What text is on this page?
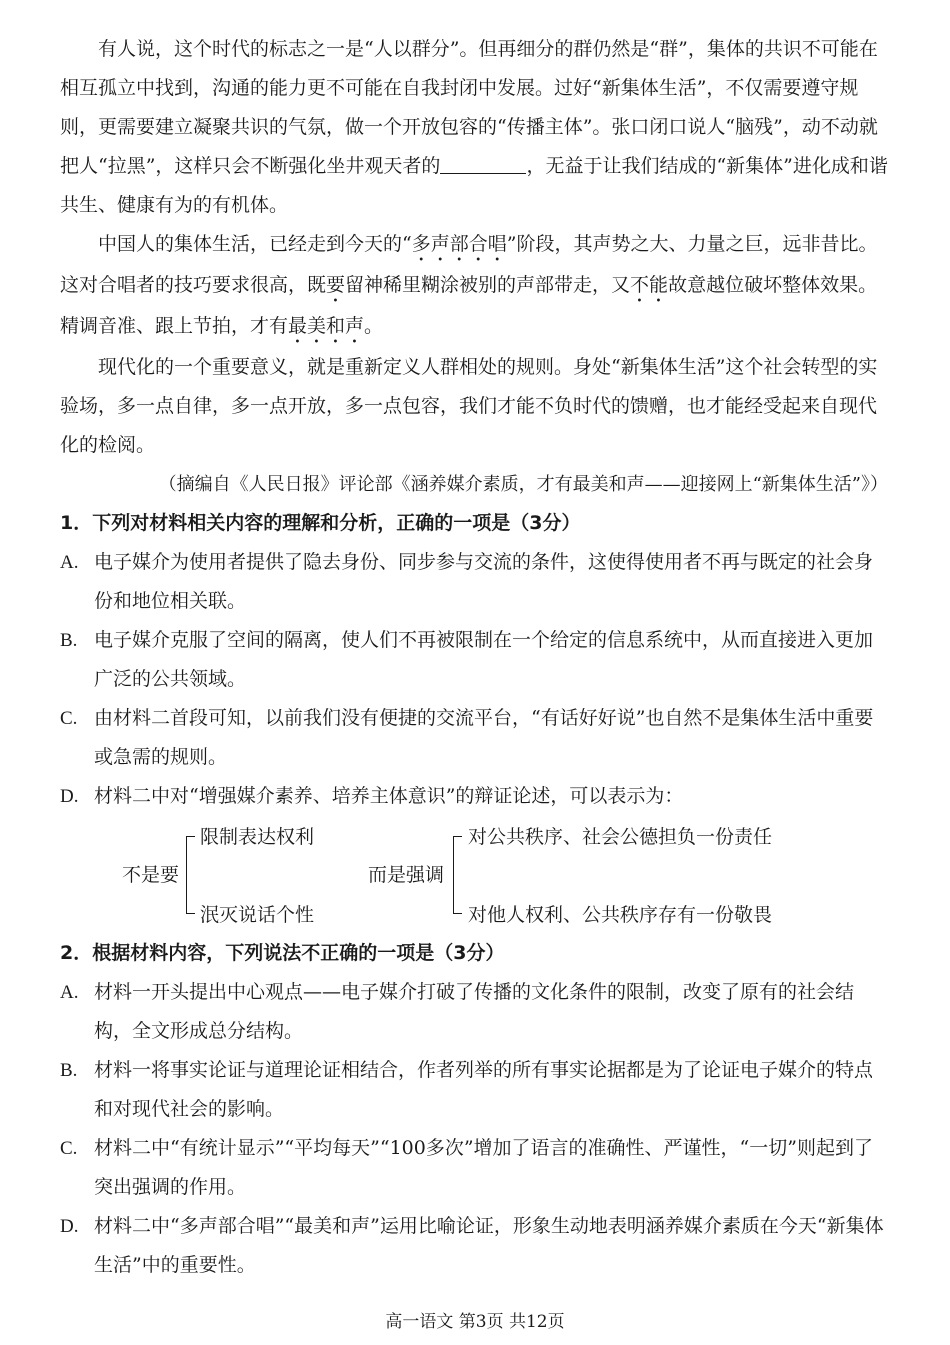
有人说，这个时代的标志之一是“人以群分”。但再细分的群仍然是“群”，集体的共识不可能在相互孤立中找到，沟通的能力更不可能在自我封闭中发展。过好“新集体生活”，不仅需要遵守规则，更需要建立凝聚共识的气氛，做一个开放包容的“传播主体”。张口闭口说人“脑残”，动不动就把人“拉黑”，这样只会不断强化坐井观天者的	，无益于让我们结成的“新集体”进化成和谐共生、健康有为的有机体。

中国人的集体生活，已经走到今天的“多声部合唱”阶段，其声势之大、力量之巨，远非昔比。这对合唱者的技巧要求很高，既要留神稀里糊涂被别的声部带走，又不能故意越位破坏整体效果。精调音准、跟上节拍，才有最美和声。

现代化的一个重要意义，就是重新定义人群相处的规则。身处“新集体生活”这个社会转型的实验场，多一点自律，多一点开放，多一点包容，我们才能不负时代的馈赠，也才能经受起来自现代化的检阅。

（摘编自《人民日报》评论部《涵养媒介素质，才有最美和声——迎接网上“新集体生活”》）

1．下列对材料相关内容的理解和分析，正确的一项是（3分）

A. 电子媒介为使用者提供了隐去身份、同步参与交流的条件，这使得使用者不再与既定的社会身份和地位相关联。

B. 电子媒介克服了空间的隔离，使人们不再被限制在一个给定的信息系统中，从而直接进入更加广泛的公共领域。

C. 由材料二首段可知，以前我们没有便捷的交流平台，“有话好好说”也自然不是集体生活中重要或急需的规则。

D. 材料二中对“增强媒介素养、培养主体意识”的辩证论述，可以表示为：

不是要
限制表达权利
泯灭说话个性
而是强调
对公共秩序、社会公德担负一份责任
对他人权利、公共秩序存有一份敬畏

2．根据材料内容，下列说法不正确的一项是（3分）

A. 材料一开头提出中心观点——电子媒介打破了传播的文化条件的限制，改变了原有的社会结构，全文形成总分结构。

B. 材料一将事实论证与道理论证相结合，作者列举的所有事实论据都是为了论证电子媒介的特点和对现代社会的影响。

C. 材料二中“有统计显示”“平均每天”“100多次”增加了语言的准确性、严谨性，“一切”则起到了突出强调的作用。

D. 材料二中“多声部合唱”“最美和声”运用比喻论证，形象生动地表明涵养媒介素质在今天“新集体生活”中的重要性。

高一语文 第3页 共12页
